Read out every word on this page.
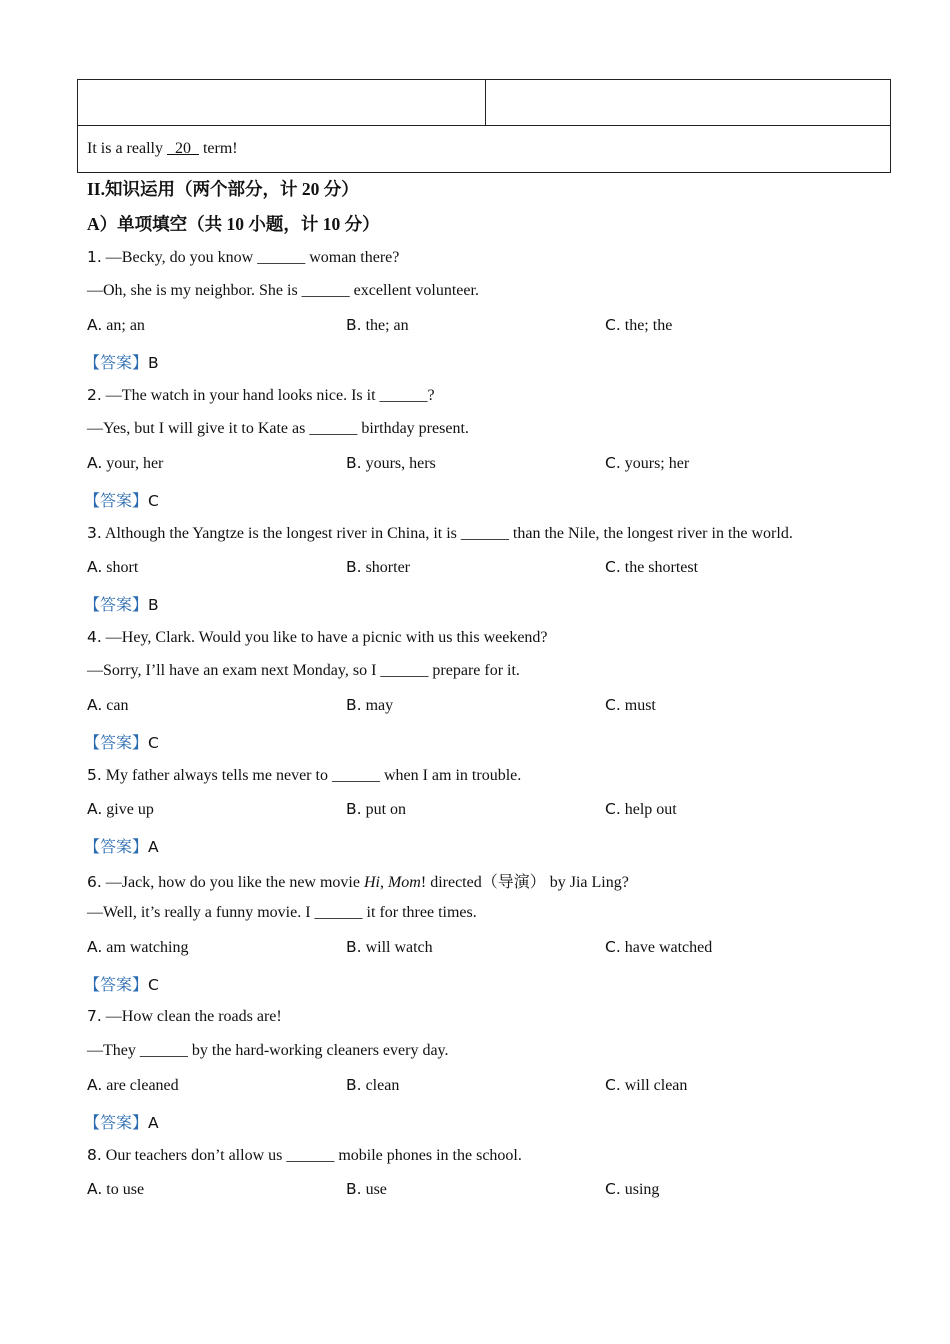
It is a really   20   term!
II.知识运用（两个部分，计 20 分）
A）单项填空（共 10 小题，计 10 分）
1. —Becky, do you know ______ woman there?
—Oh, she is my neighbor. She is ______ excellent volunteer.
A. an; an	B. the; an	C. the; the
【答案】B
2. —The watch in your hand looks nice. Is it ______?
—Yes, but I will give it to Kate as ______ birthday present.
A. your, her	B. yours, hers	C. yours; her
【答案】C
3. Although the Yangtze is the longest river in China, it is ______ than the Nile, the longest river in the world.
A. short	B. shorter	C. the shortest
【答案】B
4. —Hey, Clark. Would you like to have a picnic with us this weekend?
—Sorry, I’ll have an exam next Monday, so I ______ prepare for it.
A. can	B. may	C. must
【答案】C
5. My father always tells me never to ______ when I am in trouble.
A. give up	B. put on	C. help out
【答案】A
6. —Jack, how do you like the new movie Hi, Mom! directed（导演） by Jia Ling?
—Well, it’s really a funny movie. I ______ it for three times.
A. am watching	B. will watch	C. have watched
【答案】C
7. —How clean the roads are!
—They ______ by the hard-working cleaners every day.
A. are cleaned	B. clean	C. will clean
【答案】A
8. Our teachers don’t allow us ______ mobile phones in the school.
A. to use	B. use	C. using
